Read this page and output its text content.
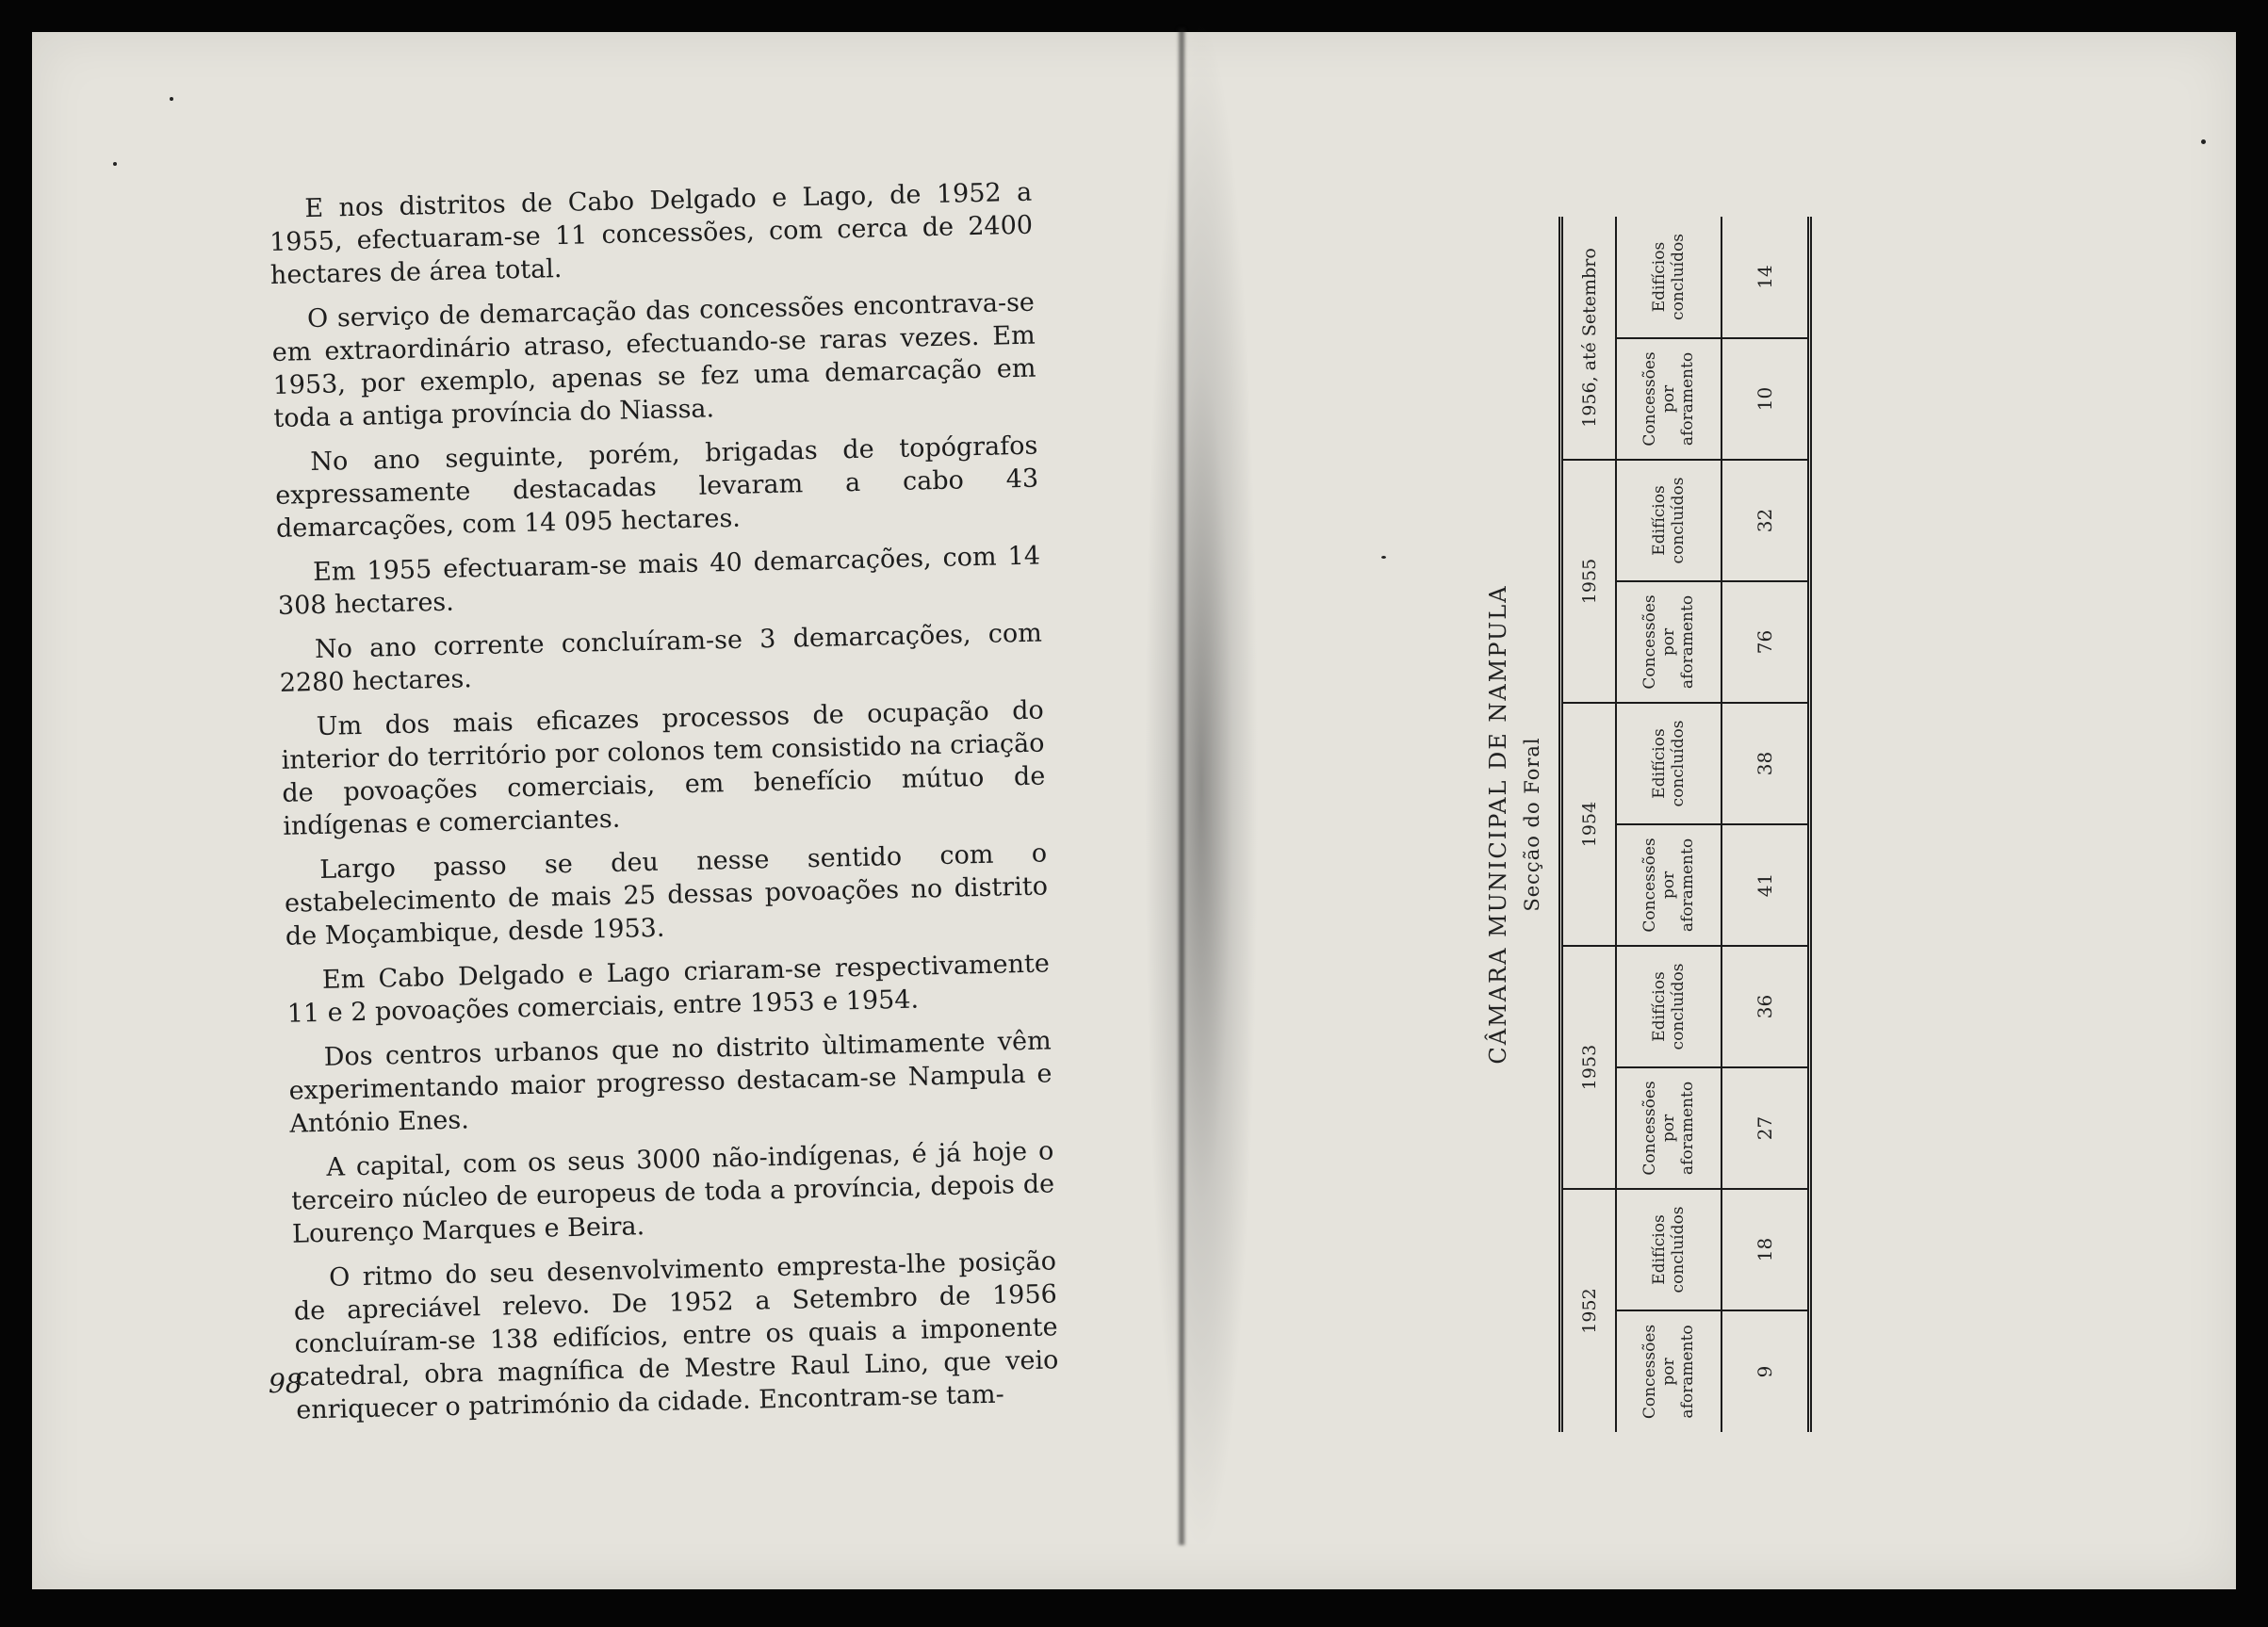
E nos distritos de Cabo Delgado e Lago, de 1952 a 1955, efectuaram-se 11 concessões, com cerca de 2400 hectares de área total.

O serviço de demarcação das concessões encontrava-se em extraordinário atraso, efectuando-se raras vezes. Em 1953, por exemplo, apenas se fez uma demarcação em toda a antiga província do Niassa.

No ano seguinte, porém, brigadas de topógrafos expressamente destacadas levaram a cabo 43 demarcações, com 14 095 hectares.

Em 1955 efectuaram-se mais 40 demarcações, com 14 308 hectares.

No ano corrente concluíram-se 3 demarcações, com 2280 hectares.

Um dos mais eficazes processos de ocupação do interior do território por colonos tem consistido na criação de povoações comerciais, em benefício mútuo de indígenas e comerciantes.

Largo passo se deu nesse sentido com o estabelecimento de mais 25 dessas povoações no distrito de Moçambique, desde 1953.

Em Cabo Delgado e Lago criaram-se respectivamente 11 e 2 povoações comerciais, entre 1953 e 1954.

Dos centros urbanos que no distrito ùltimamente vêm experimentando maior progresso destacam-se Nampula e António Enes.

A capital, com os seus 3000 não-indígenas, é já hoje o terceiro núcleo de europeus de toda a província, depois de Lourenço Marques e Beira.

O ritmo do seu desenvolvimento empresta-lhe posição de apreciável relevo. De 1952 a Setembro de 1956 concluíram-se 138 edifícios, entre os quais a imponente catedral, obra magnífica de Mestre Raul Lino, que veio enriquecer o património da cidade. Encontram-se tam-

98
CÂMARA MUNICIPAL DE NAMPULA Secção do Foral
1952		1953		1954		1955		1956, até Setembro	
Concessões por aforamento	Edifícios concluídos	Concessões por aforamento	Edifícios concluídos	Concessões por aforamento	Edifícios concluídos	Concessões por aforamento	Edifícios concluídos	Concessões por aforamento	Edifícios concluídos
9	18	27	36	41	38	76	32	10	14
